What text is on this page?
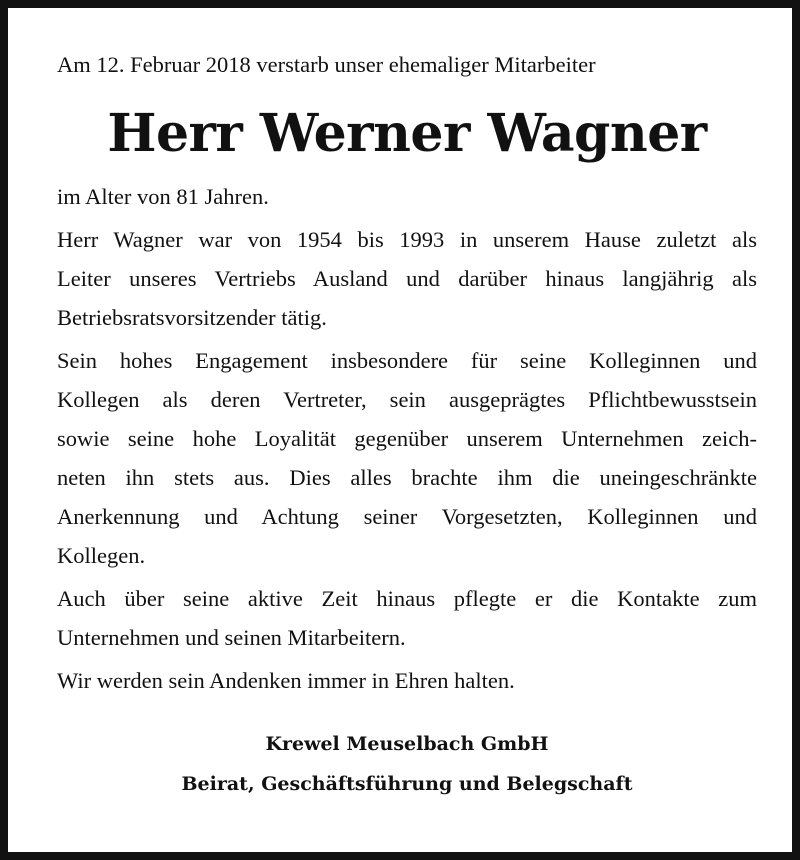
Am 12. Februar 2018 verstarb unser ehemaliger Mitarbeiter

Herr Werner Wagner

im Alter von 81 Jahren.

Herr Wagner war von 1954 bis 1993 in unserem Hause zuletzt als
Leiter unseres Vertriebs Ausland und darüber hinaus langjährig als
Betriebsratsvorsitzender tätig.

Sein hohes Engagement insbesondere für seine Kolleginnen und
Kollegen als deren Vertreter, sein ausgeprägtes Pflichtbewusstsein
sowie seine hohe Loyalität gegenüber unserem Unternehmen zeich-
neten ihn stets aus. Dies alles brachte ihm die uneingeschränkte
Anerkennung und Achtung seiner Vorgesetzten, Kolleginnen und
Kollegen.

Auch über seine aktive Zeit hinaus pflegte er die Kontakte zum
Unternehmen und seinen Mitarbeitern.

Wir werden sein Andenken immer in Ehren halten.

Krewel Meuselbach GmbH
Beirat, Geschäftsführung und Belegschaft
